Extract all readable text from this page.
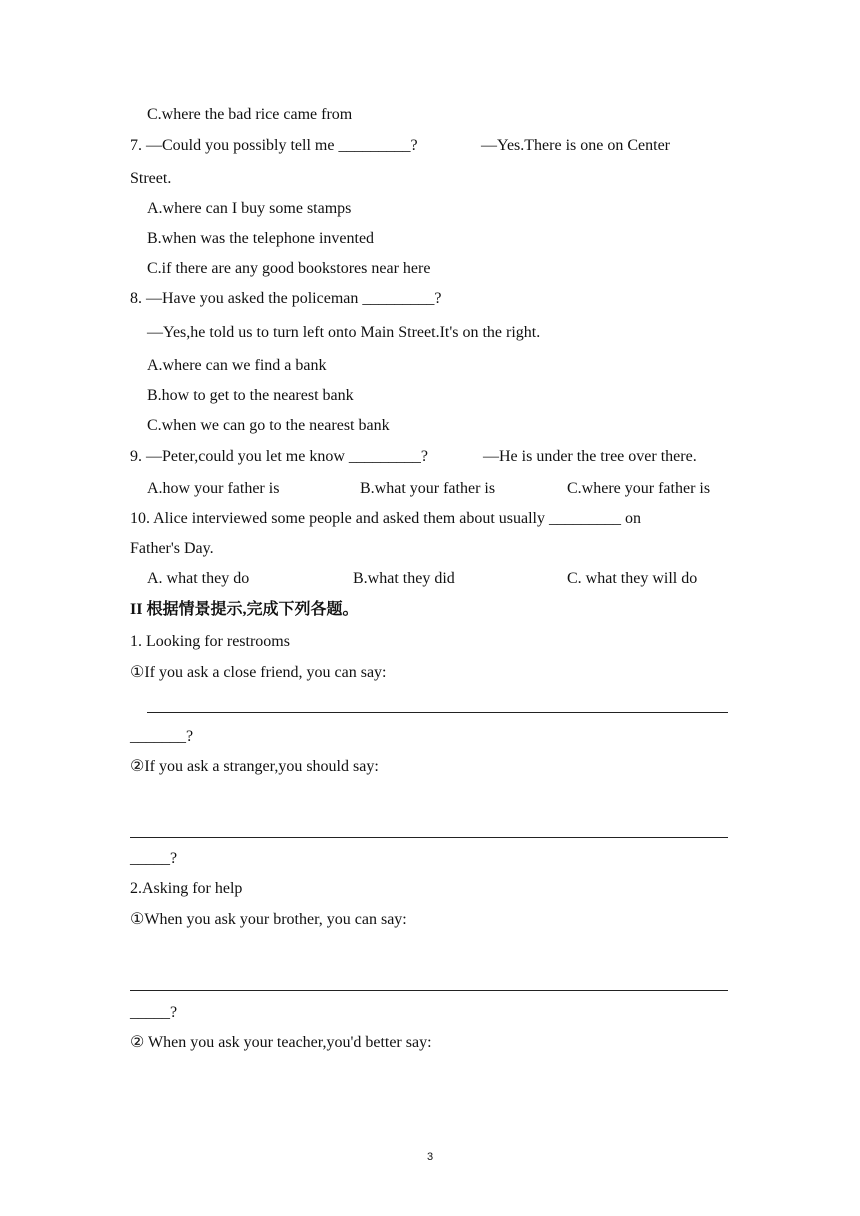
C.where the bad rice came from
7. —Could you possibly tell me _________?	—Yes.There is one on Center
Street.
A.where can I buy some stamps
B.when was the telephone invented
C.if there are any good bookstores near here
8. —Have you asked the policeman _________?
—Yes,he told us to turn left onto Main Street.It's on the right.
A.where can we find a bank
B.how to get to the nearest bank
C.when we can go to the nearest bank
9. —Peter,could you let me know _________?	—He is under the tree over there.
A.how your father is	B.what your father is	C.where your father is
10. Alice interviewed some people and asked them about usually _________ on
Father's Day.
A. what they do	B.what they did	C. what they will do
II 根据情景提示,完成下列各题。
1. Looking for restrooms
①If you ask a close friend, you can say:
_______?
②If you ask a stranger,you should say:
_____?
2.Asking for help
①When you ask your brother, you can say:
_____?
② When you ask your teacher,you'd better say:
3
